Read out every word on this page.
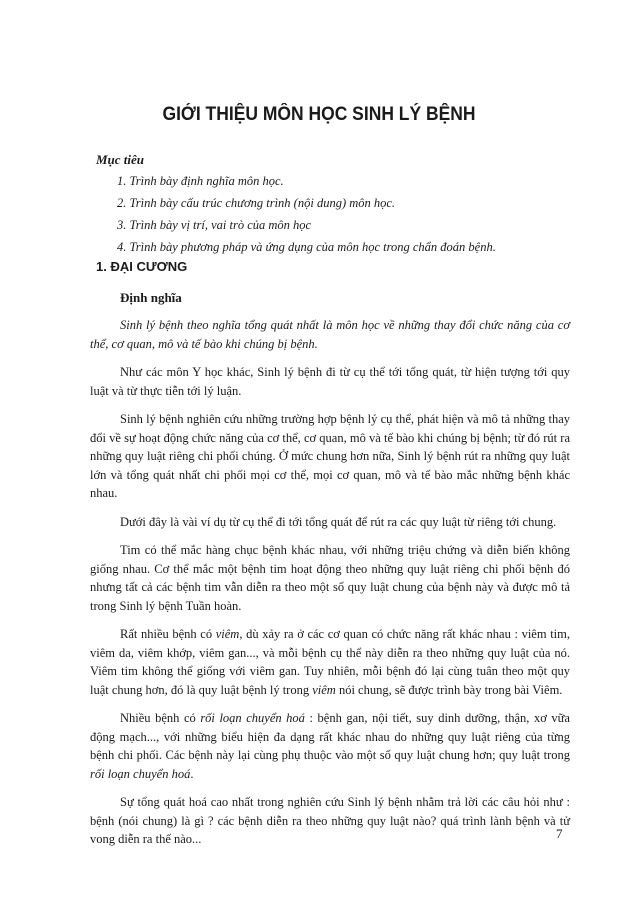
GIỚI THIỆU MÔN HỌC SINH LÝ BỆNH
Mục tiêu
1. Trình bày định nghĩa môn học.
2. Trình bày cấu trúc chương trình (nội dung) môn học.
3. Trình bày vị trí, vai trò của môn học
4. Trình bày phương pháp và ứng dụng của môn học trong chẩn đoán bệnh.
1. ĐẠI CƯƠNG
Định nghĩa

Sinh lý bệnh theo nghĩa tổng quát nhất là môn học về những thay đổi chức năng của cơ thể, cơ quan, mô và tế bào khi chúng bị bệnh.

Như các môn Y học khác, Sinh lý bệnh đi từ cụ thể tới tổng quát, từ hiện tượng tới quy luật và từ thực tiễn tới lý luận.

Sinh lý bệnh nghiên cứu những trường hợp bệnh lý cụ thể, phát hiện và mô tả những thay đổi về sự hoạt động chức năng của cơ thể, cơ quan, mô và tế bào khi chúng bị bệnh; từ đó rút ra những quy luật riêng chi phối chúng. Ở mức chung hơn nữa, Sinh lý bệnh rút ra những quy luật lớn và tổng quát nhất chi phối mọi cơ thể, mọi cơ quan, mô và tế bào mắc những bệnh khác nhau.

Dưới đây là vài ví dụ từ cụ thể đi tới tổng quát để rút ra các quy luật từ riêng tới chung.

Tim có thể mắc hàng chục bệnh khác nhau, với những triệu chứng và diễn biến không giống nhau. Cơ thể mắc một bệnh tim hoạt động theo những quy luật riêng chi phối bệnh đó nhưng tất cả các bệnh tim vẫn diễn ra theo một số quy luật chung của bệnh này và được mô tả trong Sinh lý bệnh Tuần hoàn.

Rất nhiều bệnh có viêm, dù xảy ra ở các cơ quan có chức năng rất khác nhau : viêm tim, viêm da, viêm khớp, viêm gan..., và mỗi bệnh cụ thể này diễn ra theo những quy luật của nó. Viêm tim không thể giống với viêm gan. Tuy nhiên, mỗi bệnh đó lại cùng tuân theo một quy luật chung hơn, đó là quy luật bệnh lý trong viêm nói chung, sẽ được trình bày trong bài Viêm.

Nhiều bệnh có rối loạn chuyển hoá : bệnh gan, nội tiết, suy dinh dưỡng, thận, xơ vữa động mạch..., với những biểu hiện đa dạng rất khác nhau do những quy luật riêng của từng bệnh chi phối. Các bệnh này lại cùng phụ thuộc vào một số quy luật chung hơn; quy luật trong rối loạn chuyển hoá.

Sự tổng quát hoá cao nhất trong nghiên cứu Sinh lý bệnh nhằm trả lời các câu hỏi như : bệnh (nói chung) là gì ? các bệnh diễn ra theo những quy luật nào? quá trình lành bệnh và tử vong diễn ra thế nào...	7
